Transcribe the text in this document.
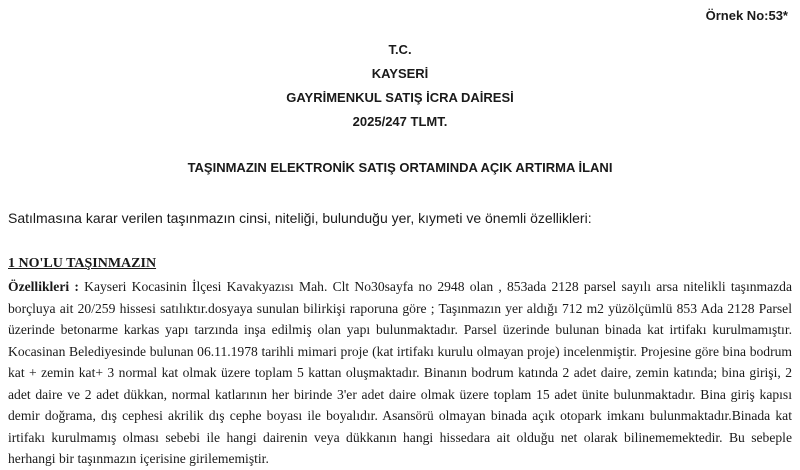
Örnek No:53*
T.C.
KAYSERİ
GAYRİMENKUL SATIŞ İCRA DAİRESİ
2025/247 TLMT.
TAŞINMAZIN ELEKTRONİK SATIŞ ORTAMINDA AÇIK ARTIRMA İLANI
Satılmasına karar verilen taşınmazın cinsi, niteliği, bulunduğu yer, kıymeti ve önemli özellikleri:
1 NO'LU TAŞINMAZIN
Özellikleri : Kayseri Kocasinin İlçesi Kavakyazısı Mah. Clt No30sayfa no 2948 olan , 853ada 2128 parsel sayılı arsa nitelikli taşınmazda borçluya ait 20/259 hissesi satılıktır.dosyaya sunulan bilirkişi raporuna göre ; Taşınmazın yer aldığı 712 m2 yüzölçümlü 853 Ada 2128 Parsel üzerinde betonarme karkas yapı tarzında inşa edilmiş olan yapı bulunmaktadır. Parsel üzerinde bulunan binada kat irtifakı kurulmamıştır. Kocasinan Belediyesinde bulunan 06.11.1978 tarihli mimari proje (kat irtifakı kurulu olmayan proje) incelenmiştir. Projesine göre bina bodrum kat + zemin kat+ 3 normal kat olmak üzere toplam 5 kattan oluşmaktadır. Binanın bodrum katında 2 adet daire, zemin katında; bina girişi, 2 adet daire ve 2 adet dükkan, normal katlarının her birinde 3'er adet daire olmak üzere toplam 15 adet ünite bulunmaktadır. Bina giriş kapısı demir doğrama, dış cephesi akrilik dış cephe boyası ile boyalıdır. Asansörü olmayan binada açık otopark imkanı bulunmaktadır.Binada kat irtifakı kurulmamış olması sebebi ile hangi dairenin veya dükkanın hangi hissedara ait olduğu net olarak bilinememektedir. Bu sebeple herhangi bir taşınmazın içerisine girilememiştir.
